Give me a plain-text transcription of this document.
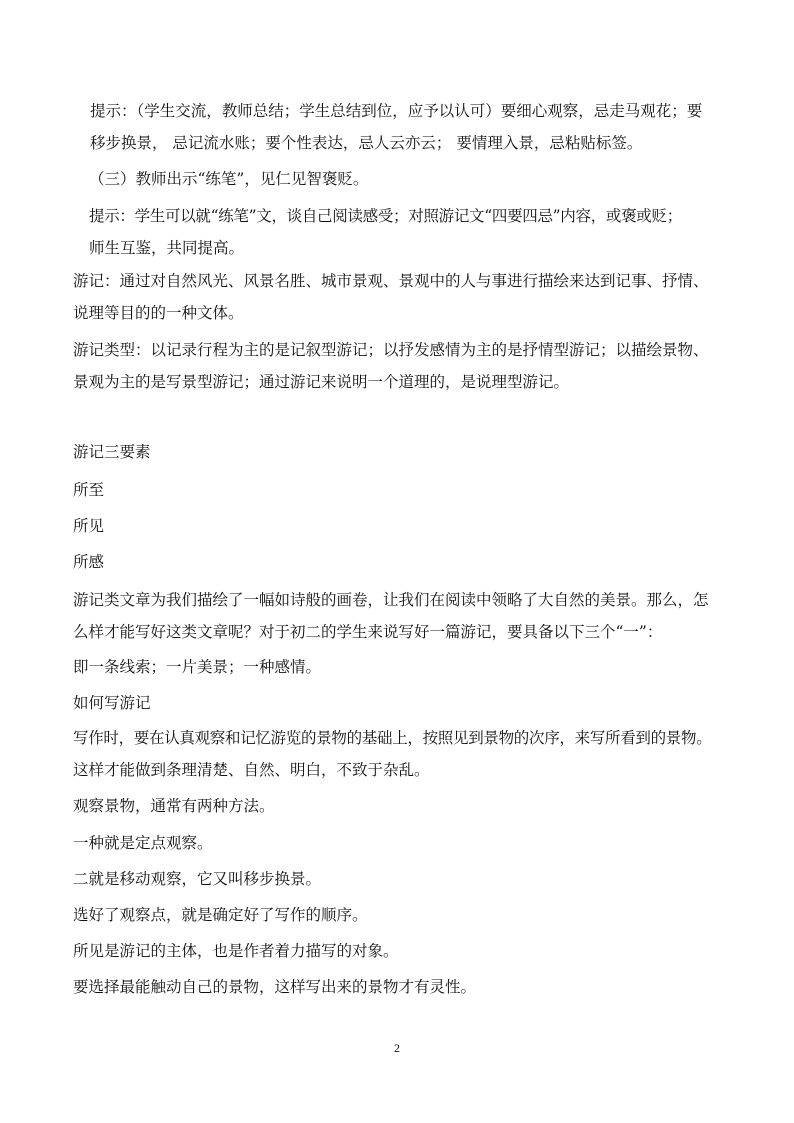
提示：（学生交流，教师总结；学生总结到位，应予以认可）要细心观察，忌走马观花；要
移步换景， 忌记流水账；要个性表达，忌人云亦云； 要情理入景，忌粘贴标签。
（三）教师出示“练笔”，见仁见智褒贬。
提示：学生可以就“练笔”文，谈自己阅读感受；对照游记文“四要四忌”内容，或褒或贬；
师生互鉴，共同提高。
游记：通过对自然风光、风景名胜、城市景观、景观中的人与事进行描绘来达到记事、抒情、
说理等目的的一种文体。
游记类型：以记录行程为主的是记叙型游记；以抒发感情为主的是抒情型游记；以描绘景物、
景观为主的是写景型游记；通过游记来说明一个道理的，是说理型游记。
游记三要素
所至
所见
所感
游记类文章为我们描绘了一幅如诗般的画卷，让我们在阅读中领略了大自然的美景。那么，怎
么样才能写好这类文章呢？对于初二的学生来说写好一篇游记，要具备以下三个“一”：
即一条线索；一片美景；一种感情。
如何写游记
写作时，要在认真观察和记忆游览的景物的基础上，按照见到景物的次序，来写所看到的景物。
这样才能做到条理清楚、自然、明白，不致于杂乱。
观察景物，通常有两种方法。
一种就是定点观察。
二就是移动观察，它又叫移步换景。
选好了观察点，就是确定好了写作的顺序。
所见是游记的主体，也是作者着力描写的对象。
要选择最能触动自己的景物，这样写出来的景物才有灵性。
2
